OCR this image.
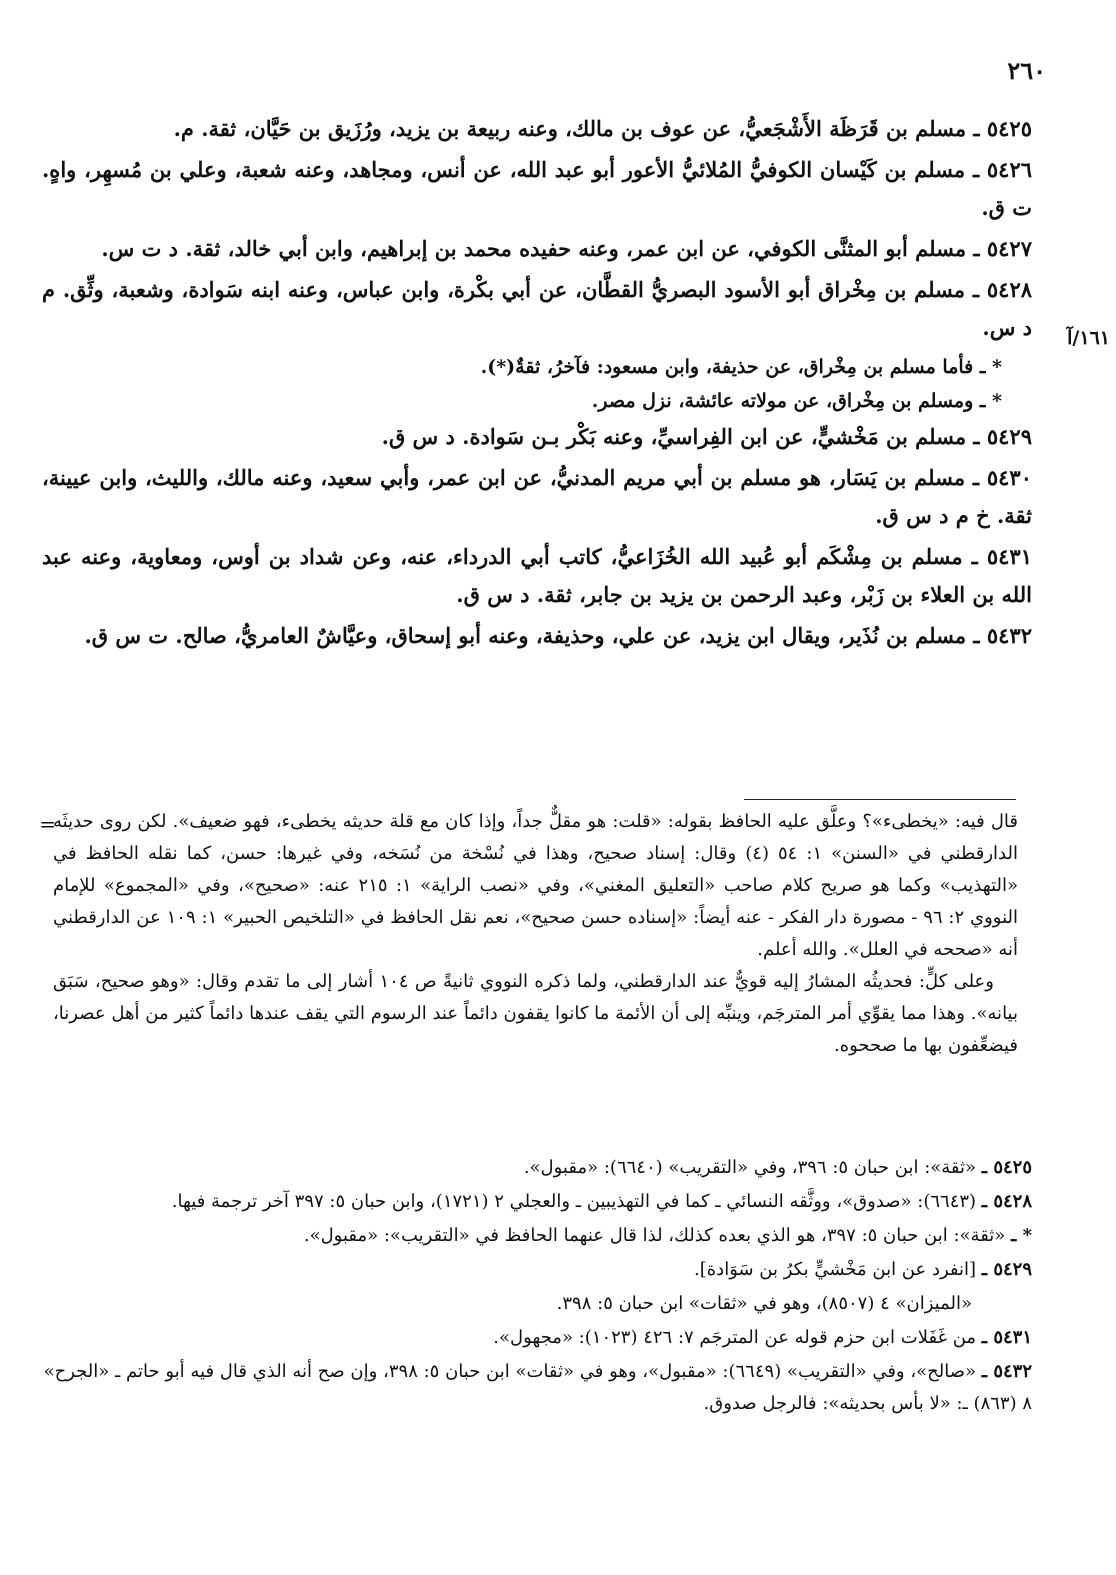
٢٦٠
١٦١/آ

٥٤٢٥ ـ مسلم بن قَرَظَة الأَشْجَعيُّ، عن عوف بن مالك، وعنه ربيعة بن يزيد، ورُزَيق بن حَيَّان، ثقة. م.

٥٤٢٦ ـ مسلم بن كَيْسان الكوفيُّ المُلائيُّ الأعور أبو عبد الله، عن أنس، ومجاهد، وعنه شعبة، وعلي بن مُسهِر، واهٍ. ت ق.

٥٤٢٧ ـ مسلم أبو المثنَّى الكوفي، عن ابن عمر، وعنه حفيده محمد بن إبراهيم، وابن أبي خالد، ثقة. د ت س.

٥٤٢٨ ـ مسلم بن مِخْراق أبو الأسود البصريُّ القطَّان، عن أبي بكْرة، وابن عباس، وعنه ابنه سَوادة، وشعبة، وثِّق. م د س.

* ـ فأما مسلم بن مِخْراق، عن حذيفة، وابن مسعود: فآخرُ، ثقةٌ(*).

* ـ ومسلم بن مِخْراق، عن مولاته عائشة، نزل مصر.

٥٤٢٩ ـ مسلم بن مَخْشيٍّ، عن ابن الفِراسيِّ، وعنه بَكْر بـن سَوادة. د س ق.

٥٤٣٠ ـ مسلم بن يَسَار، هو مسلم بن أبي مريم المدنيُّ، عن ابن عمر، وأبي سعيد، وعنه مالك، والليث، وابن عيينة، ثقة. خ م د س ق.

٥٤٣١ ـ مسلم بن مِشْكَم أبو عُبيد الله الخُزَاعيُّ، كاتب أبي الدرداء، عنه، وعن شداد بن أوس، ومعاوية، وعنه عبد الله بن العلاء بن زَبْر، وعبد الرحمن بن يزيد بن جابر، ثقة. د س ق.

٥٤٣٢ ـ مسلم بن نُذَير، ويقال ابن يزيد، عن علي، وحذيفة، وعنه أبو إسحاق، وعيَّاشٌ العامريُّ، صالح. ت س ق.

=

قال فيه: «يخطىء»؟ وعلَّق عليه الحافظ بقوله: «قلت: هو مقلٌّ جداً، وإذا كان مع قلة حديثه يخطىء، فهو ضعيف». لكن روى حديثَه الدارقطني في «السنن» ١: ٥٤ (٤) وقال: إسناد صحيح، وهذا في نُسْخة من نُسَخه، وفي غيرها: حسن، كما نقله الحافظ في «التهذيب» وكما هو صريح كلام صاحب «التعليق المغني»، وفي «نصب الراية» ١: ٢١٥ عنه: «صحيح»، وفي «المجموع» للإمام النووي ٢: ٩٦ - مصورة دار الفكر - عنه أيضاً: «إسناده حسن صحيح»، نعم نقل الحافظ في «التلخيص الحبير» ١: ١٠٩ عن الدارقطني أنه «صححه في العلل». والله أعلم.

وعلى كلٍّ: فحديثُه المشارُ إليه قويٌّ عند الدارقطني، ولما ذكره النووي ثانيةً ص ١٠٤ أشار إلى ما تقدم وقال: «وهو صحيح، سَبَق بيانه». وهذا مما يقوِّي أمر المترجَم، وينبِّه إلى أن الأئمة ما كانوا يقفون دائماً عند الرسوم التي يقف عندها دائماً كثير من أهل عصرنا، فيضعِّفون بها ما صححوه.

٥٤٢٥ ـ «ثقة»: ابن حبان ٥: ٣٩٦، وفي «التقريب» (٦٦٤٠): «مقبول».

٥٤٢٨ ـ (٦٦٤٣): «صدوق»، ووثَّقه النسائي ـ كما في التهذيبين ـ والعجلي ٢ (١٧٢١)، وابن حبان ٥: ٣٩٧ آخر ترجمة فيها.

* ـ «ثقة»: ابن حبان ٥: ٣٩٧، هو الذي بعده كذلك، لذا قال عنهما الحافظ في «التقريب»: «مقبول».

٥٤٢٩ ـ [انفرد عن ابن مَخْشيٍّ بكرُ بن سَوَادة].

«الميزان» ٤ (٨٥٠٧)، وهو في «ثقات» ابن حبان ٥: ٣٩٨.

٥٤٣١ ـ من غَفَلات ابن حزم قوله عن المترجَم ٧: ٤٢٦ (١٠٢٣): «مجهول».

٥٤٣٢ ـ «صالح»، وفي «التقريب» (٦٦٤٩): «مقبول»، وهو في «ثقات» ابن حبان ٥: ٣٩٨، وإن صح أنه الذي قال فيه أبو حاتم ـ «الجرح» ٨ (٨٦٣) ـ: «لا بأس بحديثه»: فالرجل صدوق.
